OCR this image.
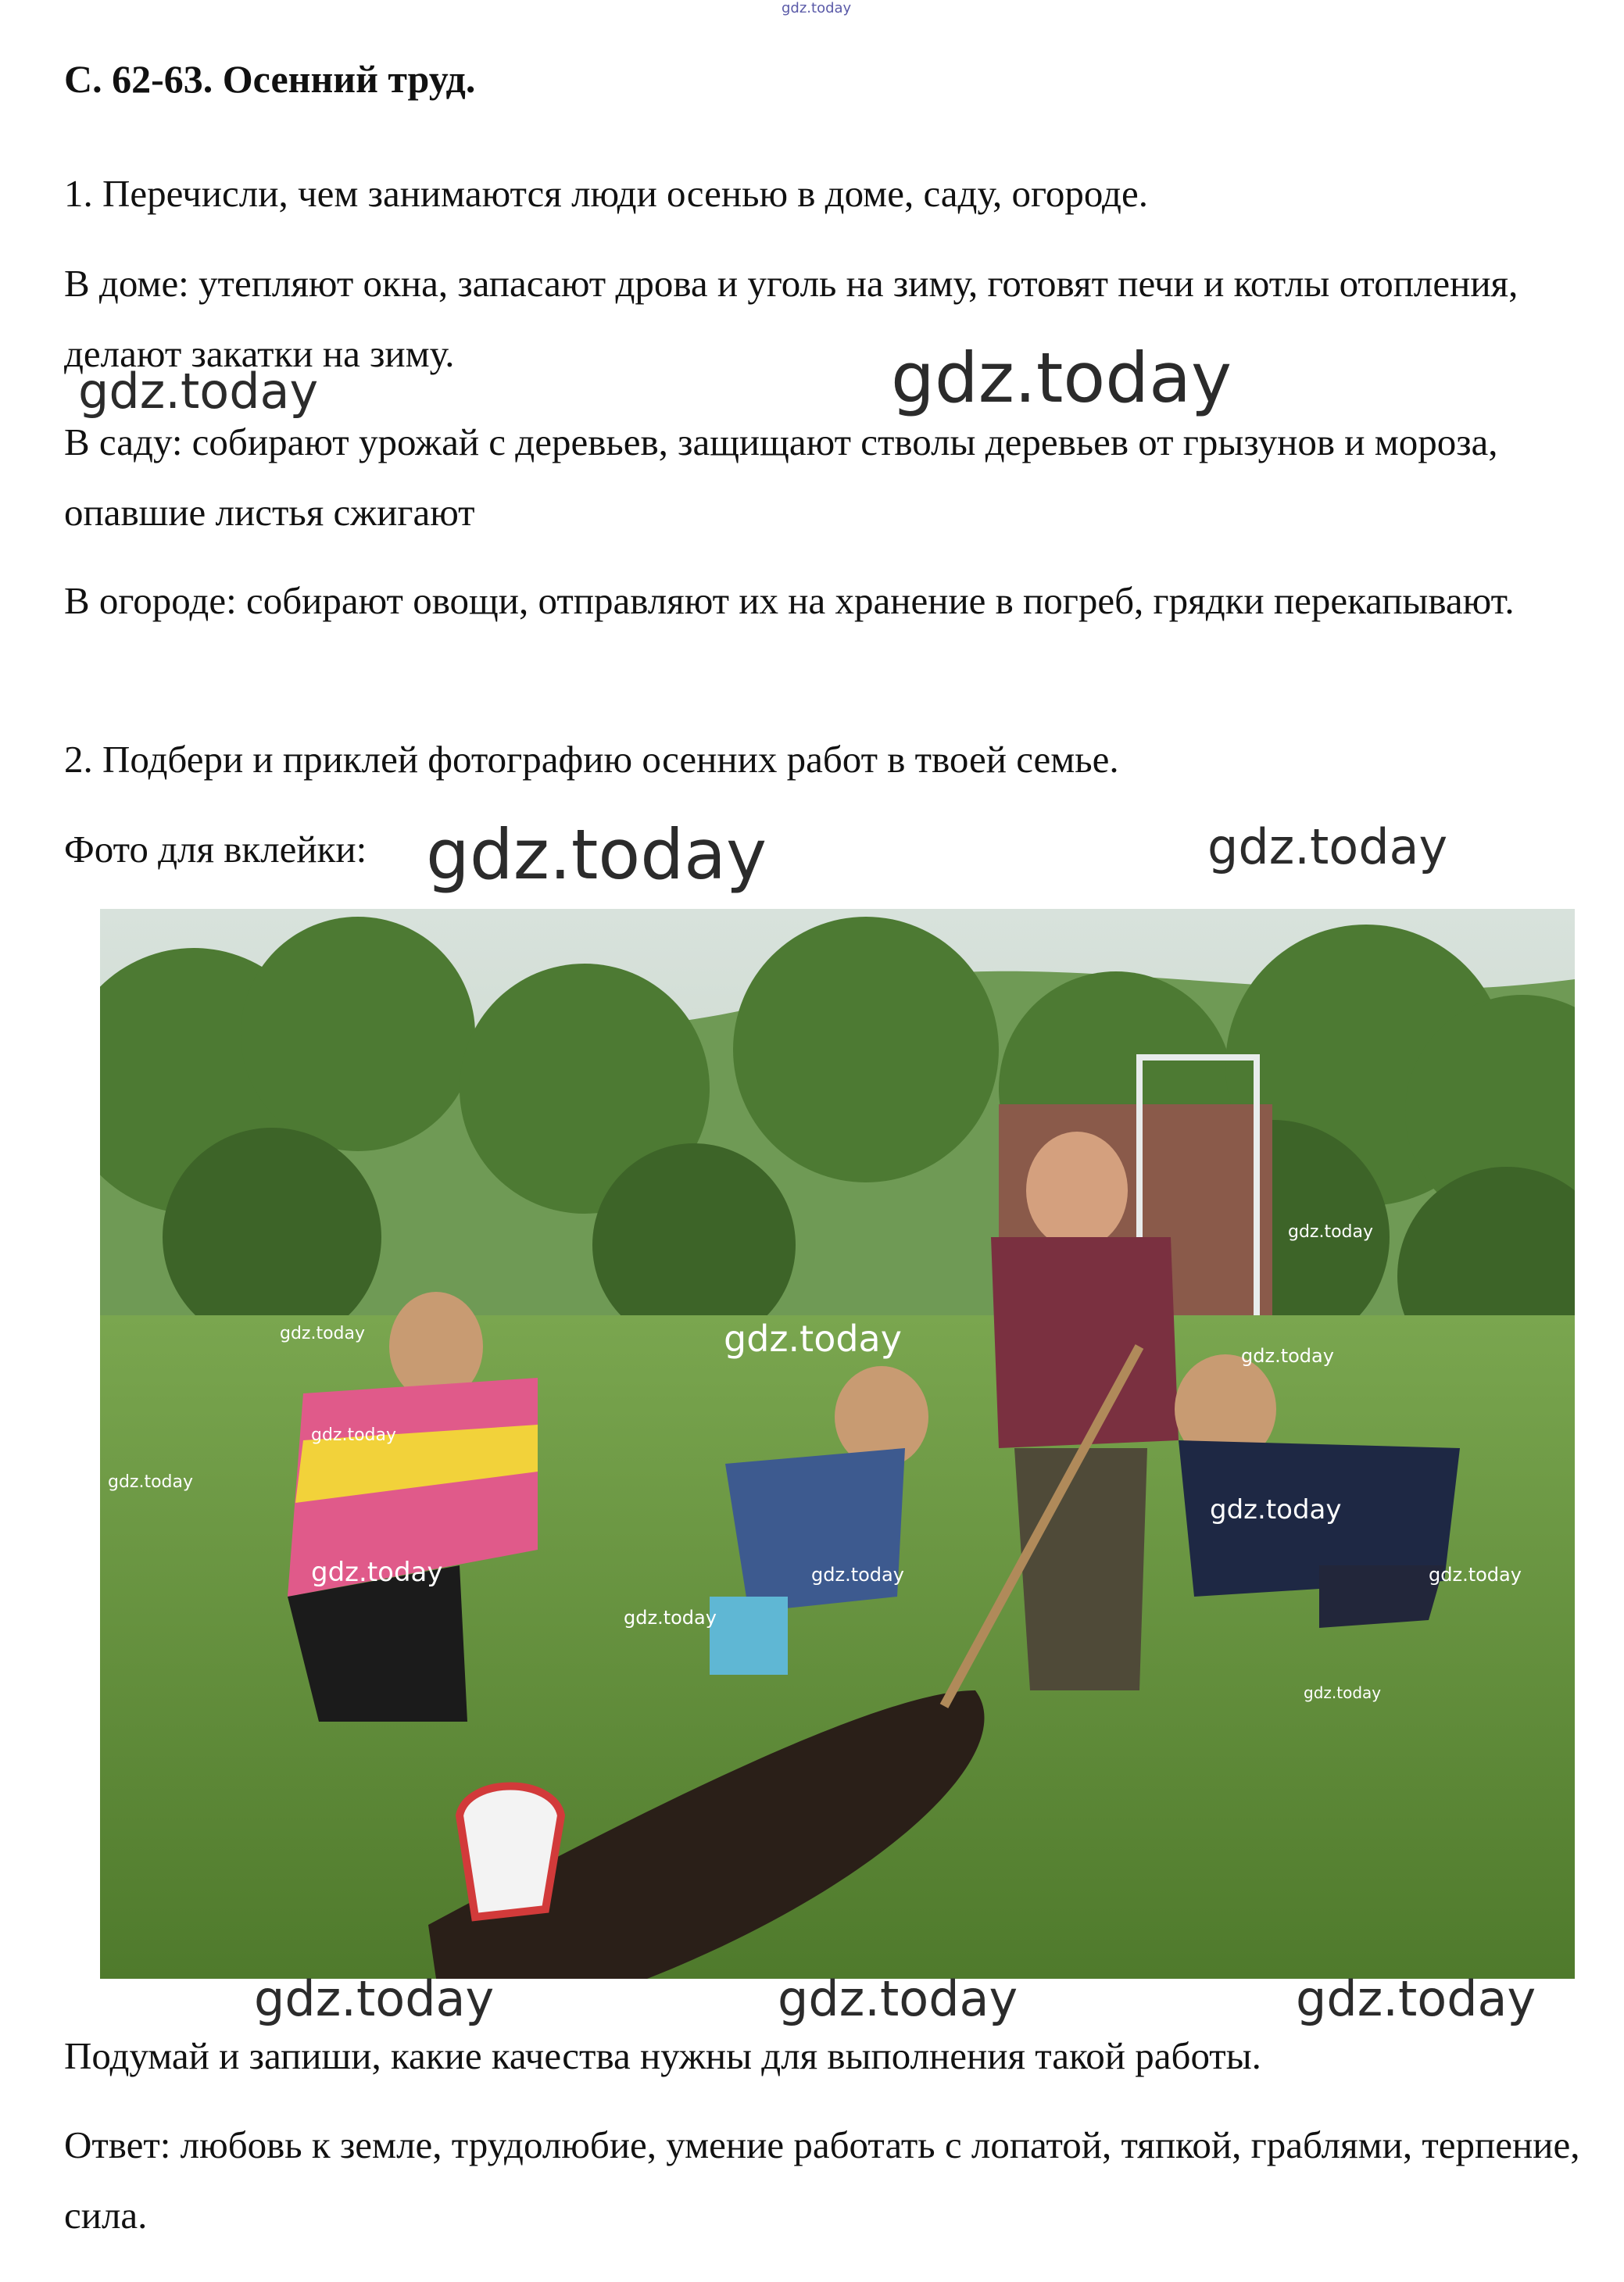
gdz.today
С. 62-63. Осенний труд.

1. Перечисли, чем занимаются люди осенью в доме, саду, огороде.

В доме: утепляют окна, запасают дрова и уголь на зиму, готовят печи и котлы отопления, делают закатки на зиму.

В саду: собирают урожай с деревьев, защищают стволы деревьев от грызунов и мороза, опавшие листья сжигают

В огороде: собирают овощи, отправляют их на хранение в погреб, грядки перекапывают.

2. Подбери и приклей фотографию осенних работ в твоей семье.

Фото для вклейки:

gdz.today
gdz.today
gdz.today
gdz.today
gdz.today
gdz.today
gdz.today
gdz.today
gdz.today
gdz.today
gdz.today
gdz.today
gdz.today	gdz.today
gdz.today	gdz.today
gdz.today	gdz.today	gdz.today

Подумай и запиши, какие качества нужны для выполнения такой работы.

Ответ: любовь к земле, трудолюбие, умение работать с лопатой, тяпкой, граблями, терпение, сила.
